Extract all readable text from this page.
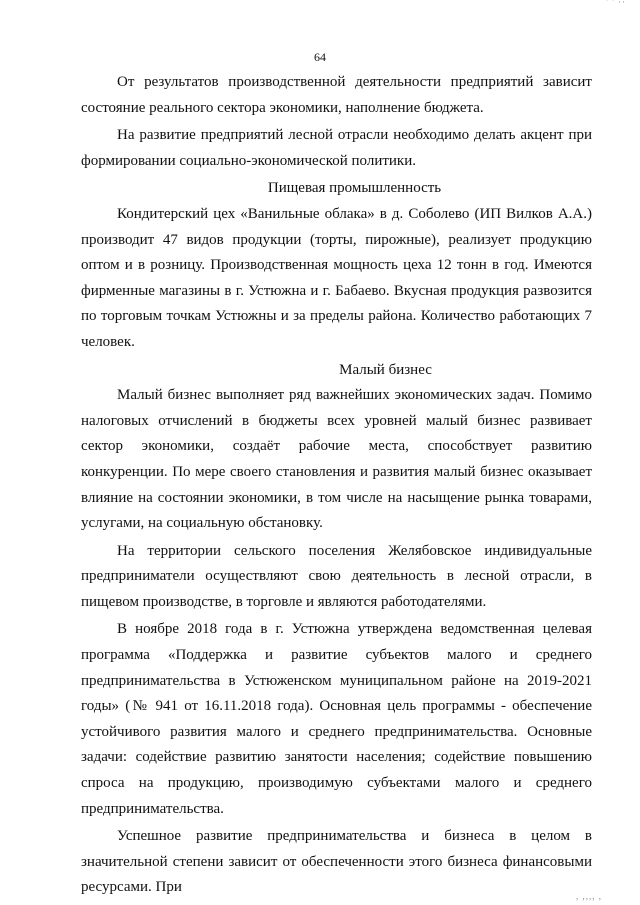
' ' ··
64

От результатов производственной деятельности предприятий зависит состояние реального сектора экономики, наполнение бюджета.

На развитие предприятий лесной отрасли необходимо делать акцент при формировании социально-экономической политики.

Пищевая промышленность

Кондитерский цех «Ванильные облака» в д. Соболево (ИП Вилков А.А.) производит 47 видов продукции (торты, пирожные), реализует продукцию оптом и в розницу. Производственная мощность цеха 12 тонн в год. Имеются фирменные магазины в г. Устюжна и г. Бабаево. Вкусная продукция развозится по торговым точкам Устюжны и за пределы района. Количество работающих 7 человек.

Малый бизнес

Малый бизнес выполняет ряд важнейших экономических задач. Помимо налоговых отчислений в бюджеты всех уровней малый бизнес развивает сектор экономики, создаёт рабочие места, способствует развитию конкуренции. По мере своего становления и развития малый бизнес оказывает влияние на состоянии экономики, в том числе на насыщение рынка товарами, услугами, на социальную обстановку.

На территории сельского поселения Желябовское индивидуальные предприниматели осуществляют свою деятельность в лесной отрасли, в пищевом производстве, в торговле и являются работодателями.

В ноябре 2018 года в г. Устюжна утверждена ведомственная целевая программа «Поддержка и развитие субъектов малого и среднего предпринимательства в Устюженском муниципальном районе на 2019-2021 годы» (№ 941 от 16.11.2018 года). Основная цель программы - обеспечение устойчивого развития малого и среднего предпринимательства. Основные задачи: содействие развитию занятости населения; содействие повышению спроса на продукцию, производимую субъектами малого и среднего предпринимательства.

Успешное развитие предпринимательства и бизнеса в целом в значительной степени зависит от обеспеченности этого бизнеса финансовыми ресурсами. При

, ,,,, ,
